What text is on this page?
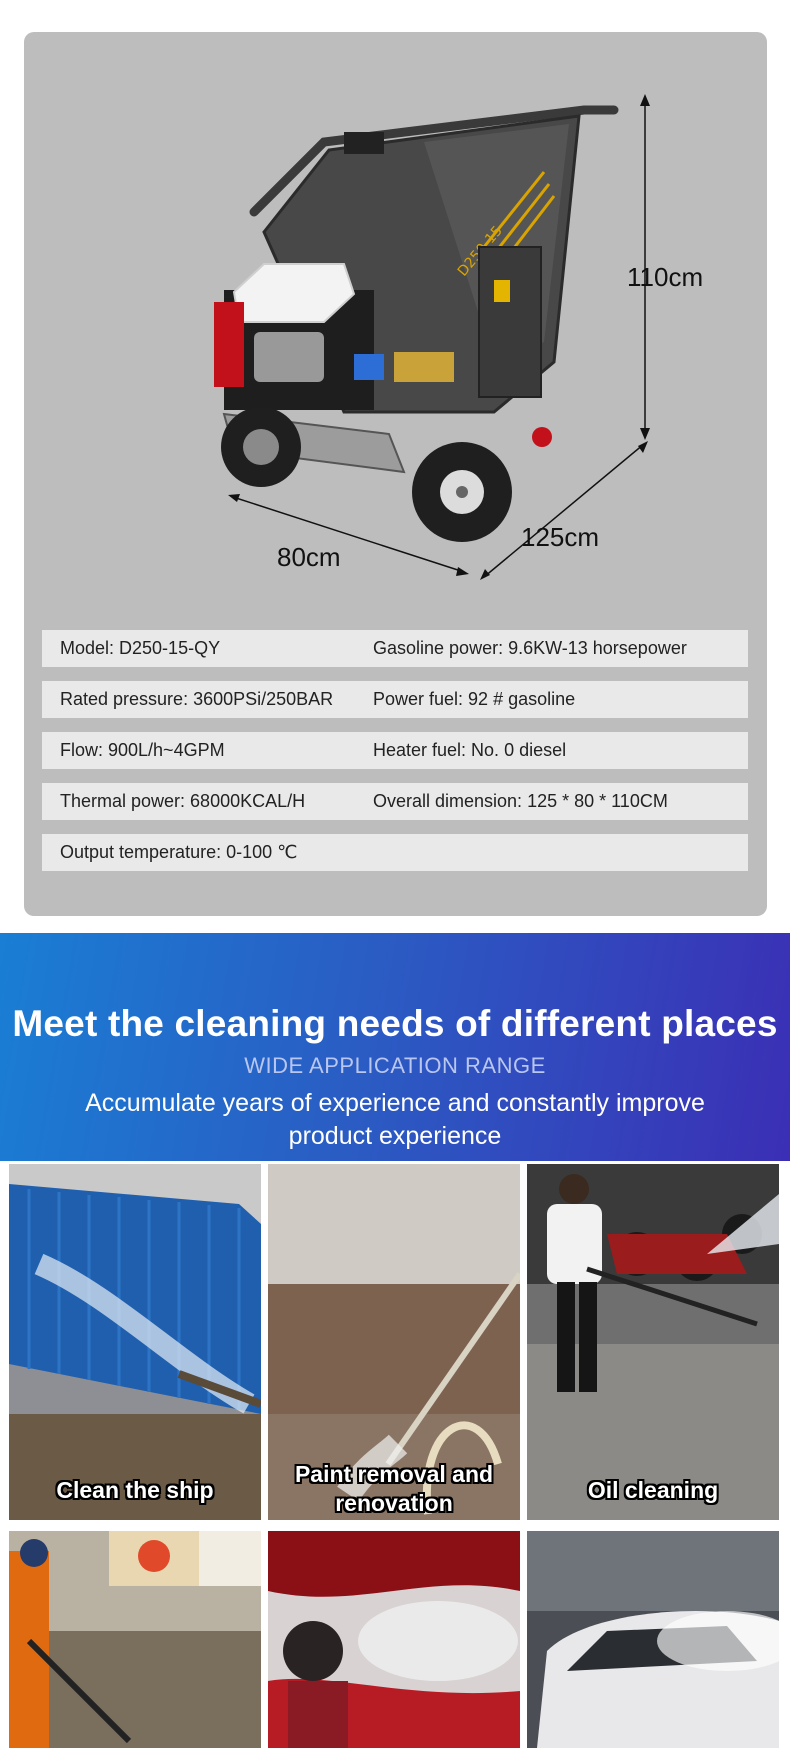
110cm
125cm
80cm
Model: D250-15-QY	Gasoline power: 9.6KW-13 horsepower
Rated pressure: 3600PSi/250BAR	Power fuel: 92 # gasoline
Flow: 900L/h~4GPM	Heater fuel: No. 0 diesel
Thermal power: 68000KCAL/H	Overall dimension: 125 * 80 * 110CM
Output temperature: 0-100 ℃
Meet the cleaning needs of different places
WIDE APPLICATION RANGE
Accumulate years of experience and constantly improve product experience
Clean the ship
Paint removal and renovation	Oil cleaning
